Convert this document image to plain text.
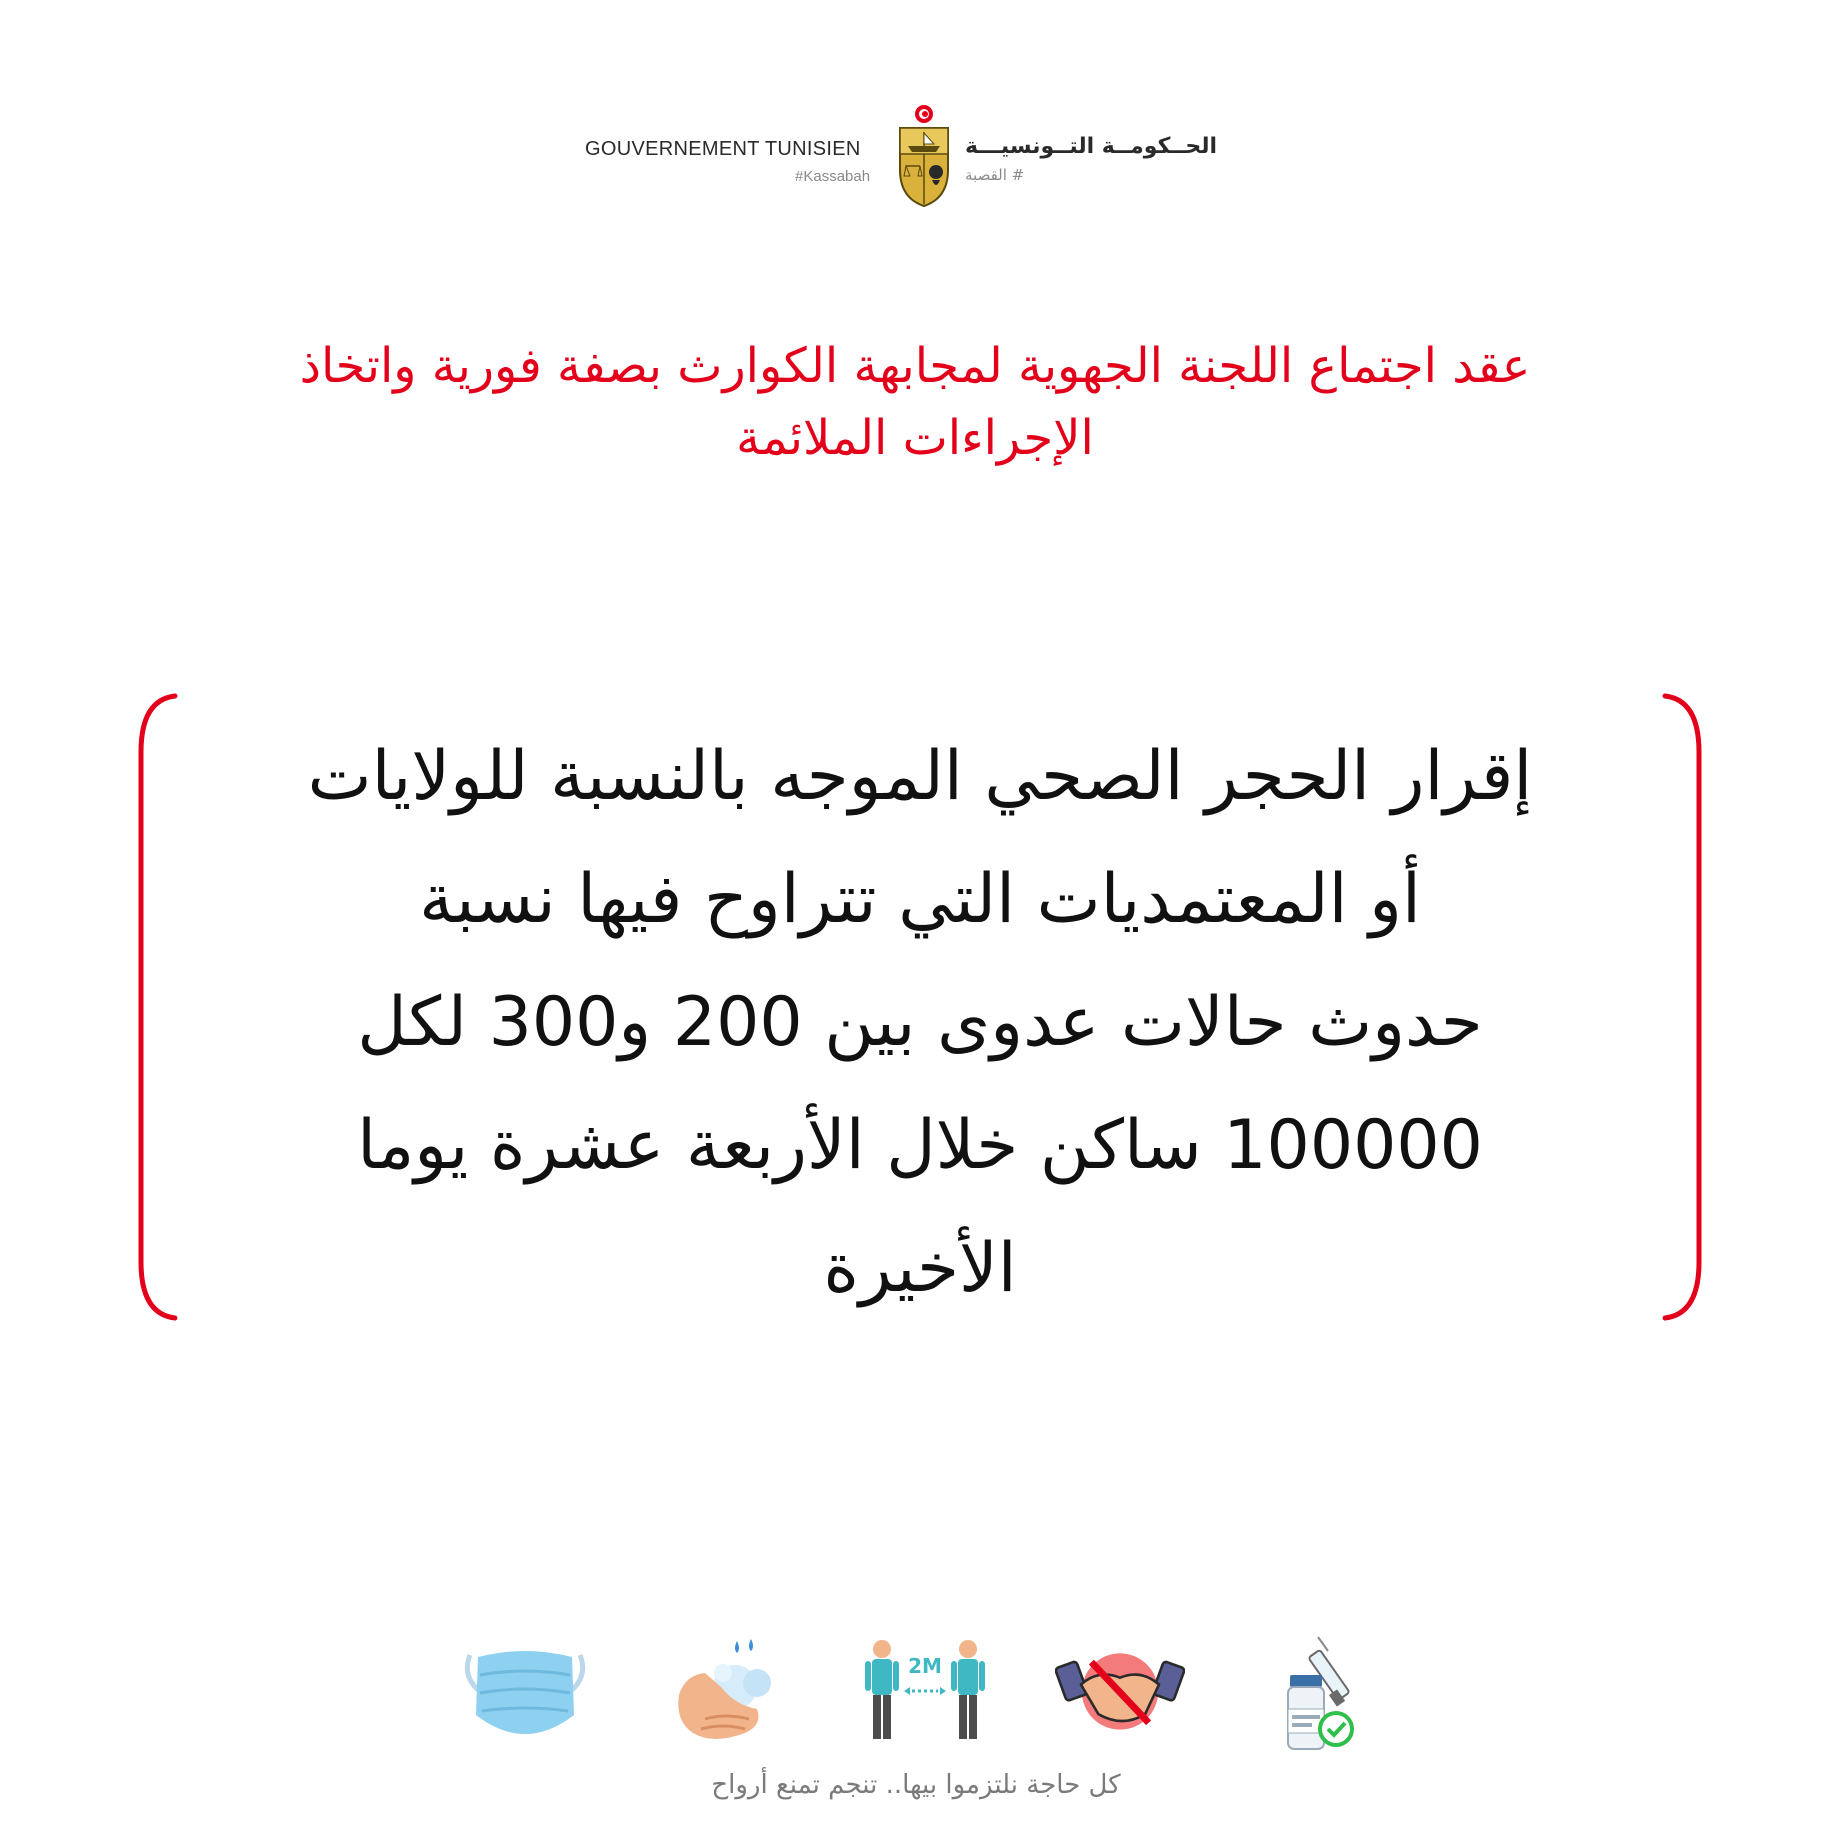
GOUVERNEMENT TUNISIEN
#Kassabah
الحــكومــة التــونسيـــة
# القصبة
عقد اجتماع اللجنة الجهوية لمجابهة الكوارث بصفة فورية واتخاذ
الإجراءات الملائمة
إقرار الحجر الصحي الموجه بالنسبة للولايات
أو المعتمديات التي تتراوح فيها نسبة
حدوث حالات عدوى بين 200 و300 لكل
100000 ساكن خلال الأربعة عشرة يوما
الأخيرة
2M
كل حاجة نلتزموا بيها.. تنجم تمنع أرواح
